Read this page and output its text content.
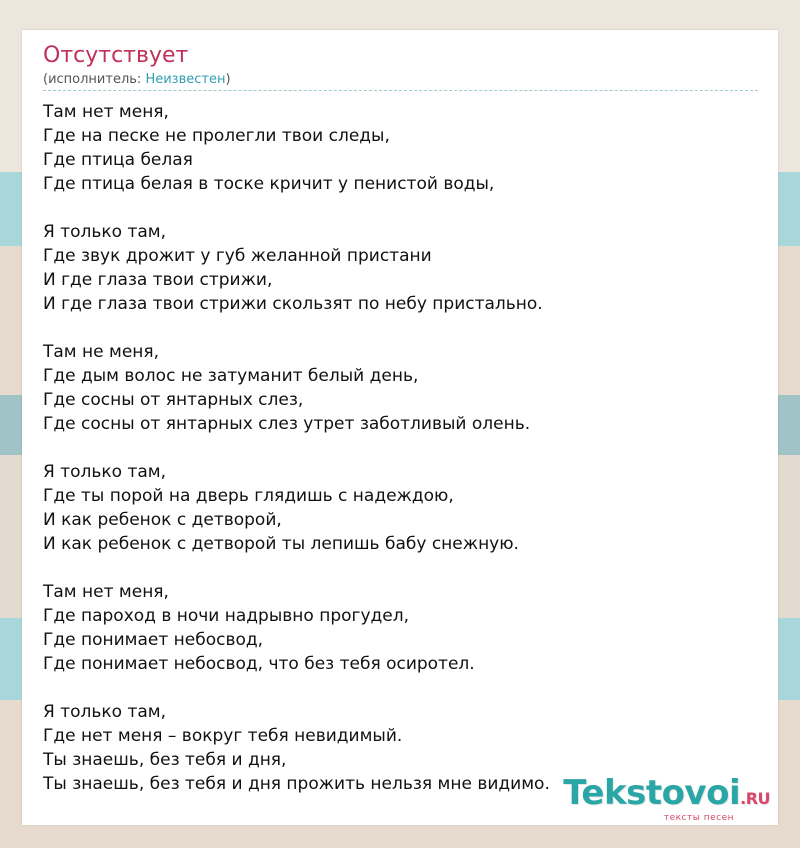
Отсутствует
(исполнитель: Неизвестен)
Там нет меня,
Где на песке не пролегли твои следы,
Где птица белая
Где птица белая в тоске кричит у пенистой воды,
Я только там,
Где звук дрожит у губ желанной пристани
И где глаза твои стрижи,
И где глаза твои стрижи скользят по небу пристально.
Там не меня,
Где дым волос не затуманит белый день,
Где сосны от янтарных слез,
Где сосны от янтарных слез утрет заботливый олень.
Я только там,
Где ты порой на дверь глядишь с надеждою,
И как ребенок с детворой,
И как ребенок с детворой ты лепишь бабу снежную.
Там нет меня,
Где пароход в ночи надрывно прогудел,
Где понимает небосвод,
Где понимает небосвод, что без тебя осиротел.
Я только там,
Где нет меня – вокруг тебя невидимый.
Ты знаешь, без тебя и дня,
Ты знаешь, без тебя и дня прожить нельзя мне видимо. Tekstovoi.RU
тексты песен
